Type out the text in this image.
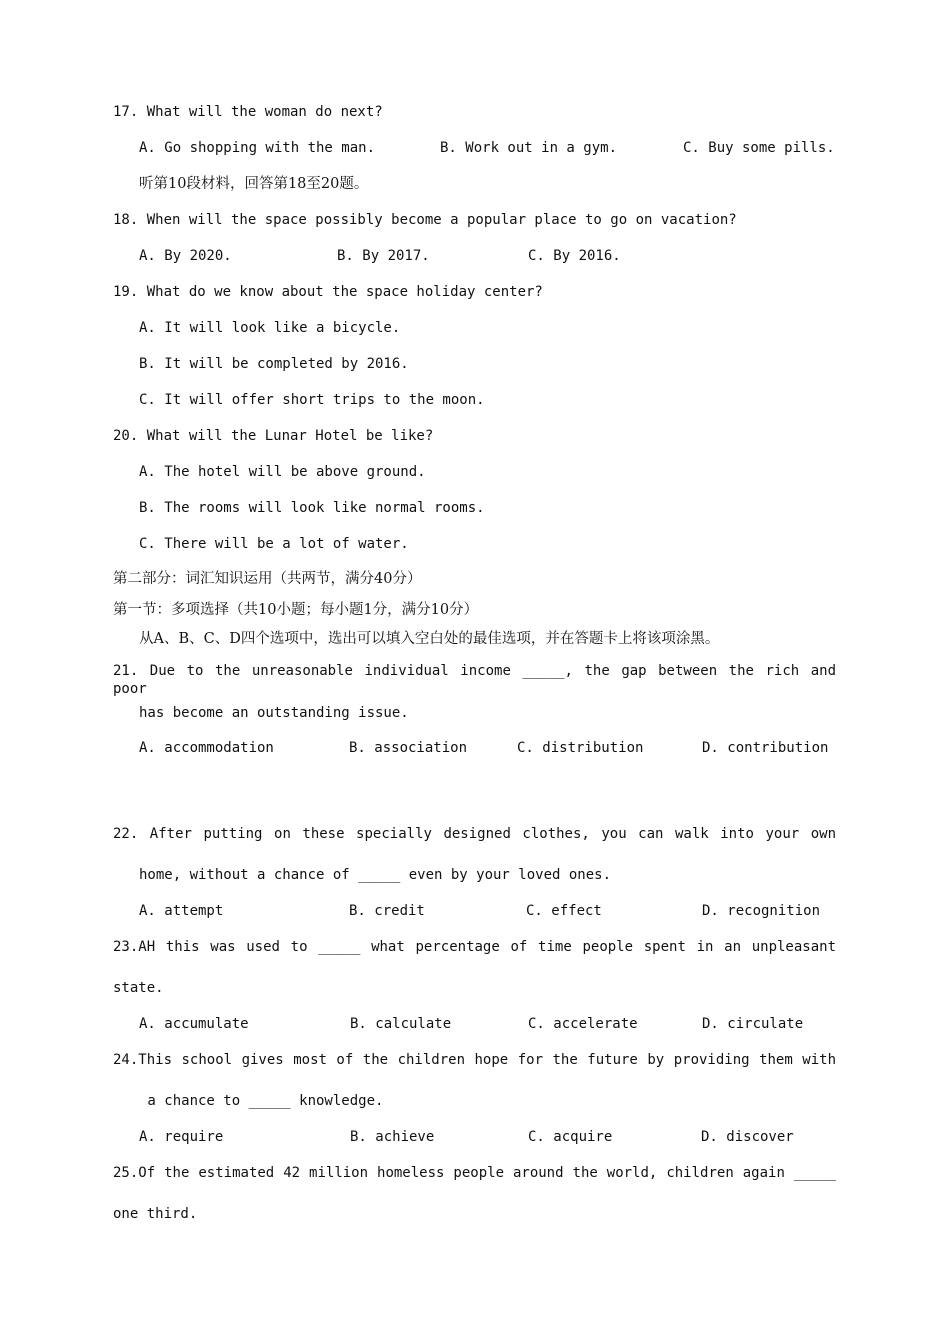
17. What will the woman do next?
A. Go shopping with the man.	B. Work out in a gym.	C. Buy some pills.
听第10段材料，回答第18至20题。
18. When will the space possibly become a popular place to go on vacation?
A. By 2020.	B. By 2017.	C. By 2016.
19. What do we know about the space holiday center?
A. It will look like a bicycle.
B. It will be completed by 2016.
C. It will offer short trips to the moon.
20. What will the Lunar Hotel be like?
A. The hotel will be above ground.
B. The rooms will look like normal rooms.
C. There will be a lot of water.
第二部分：词汇知识运用（共两节，满分40分）
第一节：多项选择（共10小题；每小题1分，满分10分）
从A、B、C、D四个选项中，选出可以填入空白处的最佳选项，并在答题卡上将该项涂黑。
21. Due to the unreasonable individual income _____, the gap between the rich and poor
has become an outstanding issue.
A. accommodation	B. association	C. distribution	D. contribution
22. After putting on these specially designed clothes, you can walk into your own
home, without a chance of _____ even by your loved ones.
A. attempt	B. credit	C. effect	D. recognition
23.AH this was used to _____ what percentage of time people spent in an unpleasant
state.
A. accumulate	B. calculate	C. accelerate	D. circulate
24.This school gives most of the children hope for the future by providing them with
a chance to _____ knowledge.
A. require	B. achieve	C. acquire	D. discover
25.Of the estimated 42 million homeless people around the world, children again _____
one third.
